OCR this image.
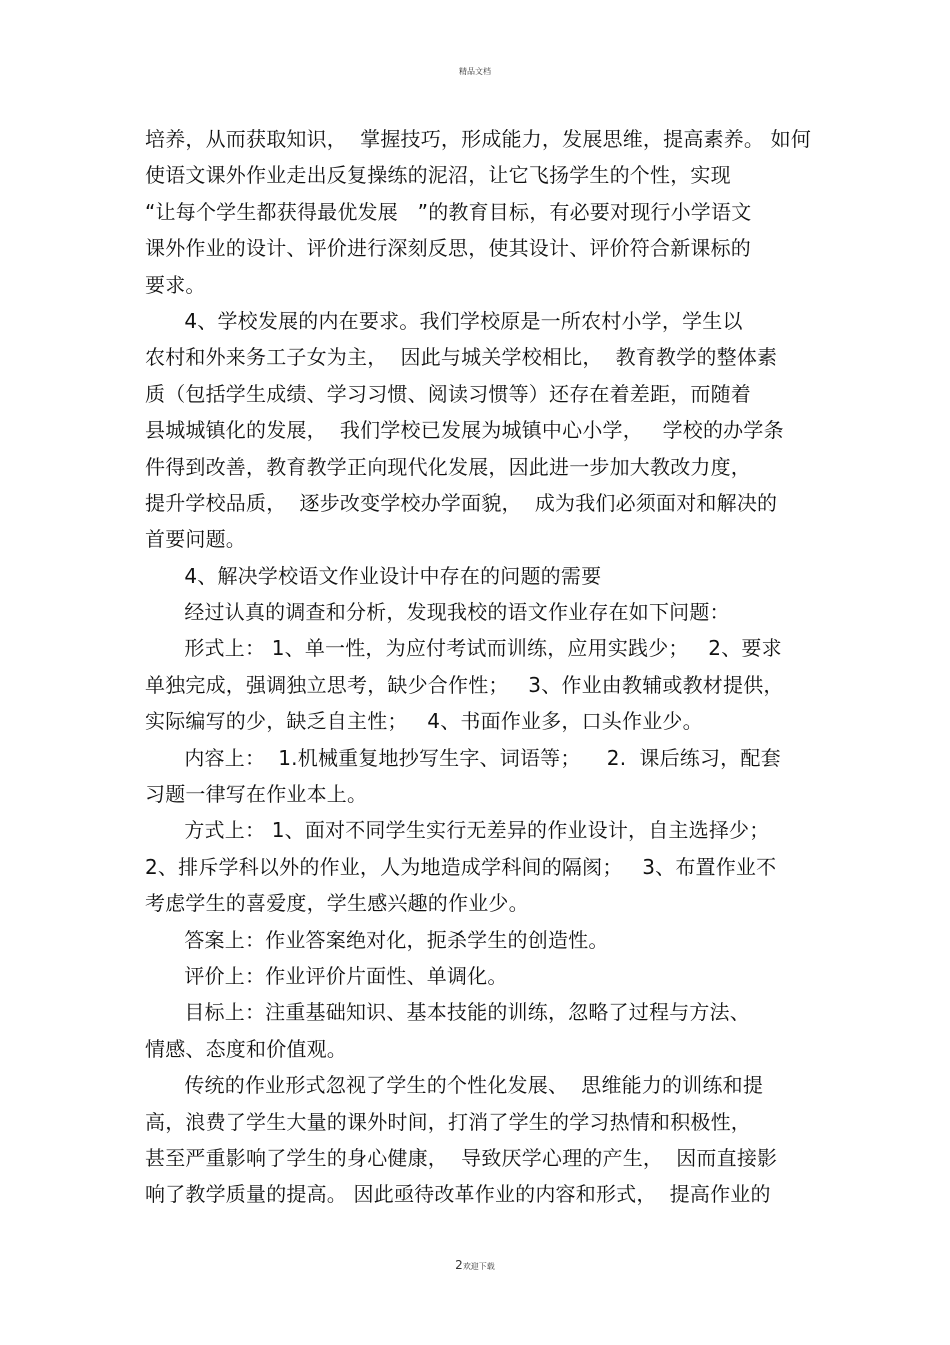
精品文档
培养，从而获取知识，  掌握技巧，形成能力，发展思维，提高素养。 如何
使语文课外作业走出反复操练的泥沼，让它飞扬学生的个性，实现
“让每个学生都获得最优发展   ”的教育目标，有必要对现行小学语文
课外作业的设计、评价进行深刻反思，使其设计、评价符合新课标的
要求。
4、学校发展的内在要求。我们学校原是一所农村小学，学生以
农村和外来务工子女为主，  因此与城关学校相比，  教育教学的整体素
质（包括学生成绩、学习习惯、阅读习惯等）还存在着差距，而随着
县城城镇化的发展，  我们学校已发展为城镇中心小学，   学校的办学条
件得到改善，教育教学正向现代化发展，因此进一步加大教改力度，
提升学校品质，  逐步改变学校办学面貌，  成为我们必须面对和解决的
首要问题。
4、解决学校语文作业设计中存在的问题的需要
经过认真的调查和分析，发现我校的语文作业存在如下问题：
形式上： 1、单一性，为应付考试而训练，应用实践少；   2、要求
单独完成，强调独立思考，缺少合作性；   3、作业由教辅或教材提供，
实际编写的少，缺乏自主性；   4、书面作业多，口头作业少。
内容上：  1.机械重复地抄写生字、词语等；    2.  课后练习，配套
习题一律写在作业本上。
方式上： 1、面对不同学生实行无差异的作业设计，自主选择少；
2、排斥学科以外的作业，人为地造成学科间的隔阂；   3、布置作业不
考虑学生的喜爱度，学生感兴趣的作业少。
答案上：作业答案绝对化，扼杀学生的创造性。
评价上：作业评价片面性、单调化。
目标上：注重基础知识、基本技能的训练，忽略了过程与方法、
情感、态度和价值观。
传统的作业形式忽视了学生的个性化发展、  思维能力的训练和提
高，浪费了学生大量的课外时间，打消了学生的学习热情和积极性，
甚至严重影响了学生的身心健康，  导致厌学心理的产生，  因而直接影
响了教学质量的提高。 因此亟待改革作业的内容和形式，  提高作业的
2欢迎下载
